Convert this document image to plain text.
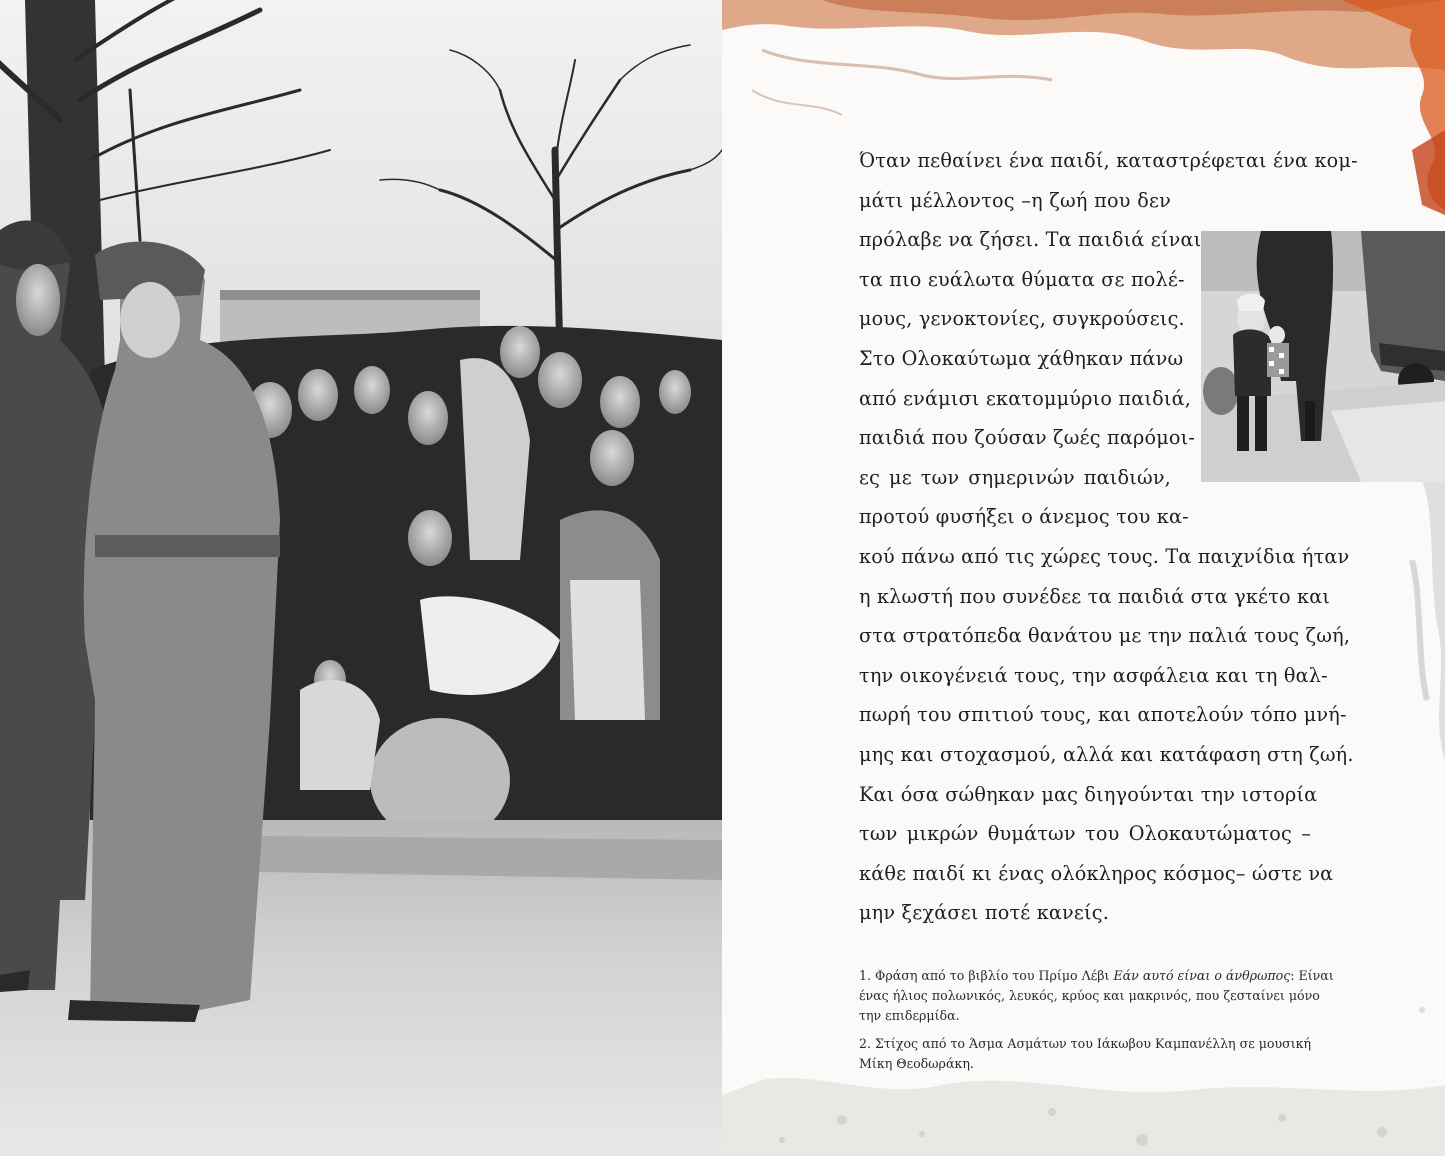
Όταν πεθαίνει ένα παιδί, καταστρέφεται ένα κομ-
μάτι μέλλοντος –η ζωή που δεν
πρόλαβε να ζήσει. Τα παιδιά είναι
τα πιο ευάλωτα θύματα σε πολέ-
μους, γενοκτονίες, συγκρούσεις.
Στο Ολοκαύτωμα χάθηκαν πάνω
από ενάμισι εκατομμύριο παιδιά,
παιδιά που ζούσαν ζωές παρόμοι-
ες με των σημερινών παιδιών,
προτού φυσήξει ο άνεμος του κα-
κού πάνω από τις χώρες τους. Τα παιχνίδια ήταν
η κλωστή που συνέδεε τα παιδιά στα γκέτο και
στα στρατόπεδα θανάτου με την παλιά τους ζωή,
την οικογένειά τους, την ασφάλεια και τη θαλ-
πωρή του σπιτιού τους, και αποτελούν τόπο μνή-
μης και στοχασμού, αλλά και κατάφαση στη ζωή.
Και όσα σώθηκαν μας διηγούνται την ιστορία
των μικρών θυμάτων του Ολοκαυτώματος –
κάθε παιδί κι ένας ολόκληρος κόσμος– ώστε να
μην ξεχάσει ποτέ κανείς.
1. Φράση από το βιβλίο του Πρίμο Λέβι Εάν αυτό είναι ο άνθρωπος: Είναι
ένας ήλιος πολωνικός, λευκός, κρύος και μακρινός, που ζεσταίνει μόνο
την επιδερμίδα.
2. Στίχος από το Άσμα Ασμάτων του Ιάκωβου Καμπανέλλη σε μουσική
Μίκη Θεοδωράκη.
